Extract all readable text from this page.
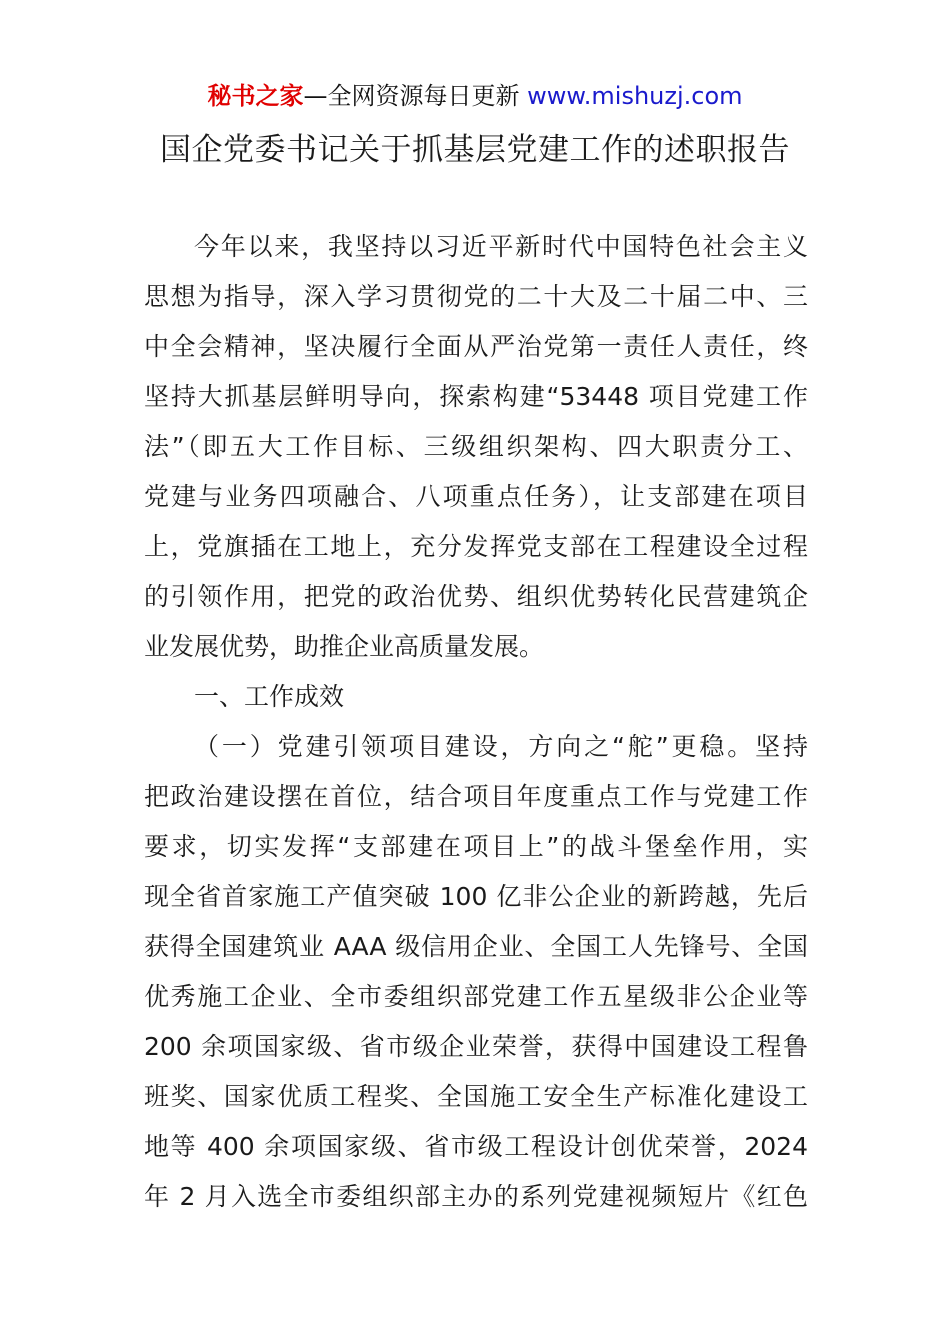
秘书之家—全网资源每日更新 www.mishuzj.com
国企党委书记关于抓基层党建工作的述职报告
今年以来，我坚持以习近平新时代中国特色社会主义
思想为指导，深入学习贯彻党的二十大及二十届二中、三
中全会精神，坚决履行全面从严治党第一责任人责任，终
坚持大抓基层鲜明导向，探索构建“53448 项目党建工作
法”（即五大工作目标、三级组织架构、四大职责分工、
党建与业务四项融合、八项重点任务），让支部建在项目
上，党旗插在工地上，充分发挥党支部在工程建设全过程
的引领作用，把党的政治优势、组织优势转化民营建筑企
业发展优势，助推企业高质量发展。
一、工作成效
（一）党建引领项目建设，方向之“舵”更稳。坚持
把政治建设摆在首位，结合项目年度重点工作与党建工作
要求，切实发挥“支部建在项目上”的战斗堡垒作用，实
现全省首家施工产值突破 100 亿非公企业的新跨越，先后
获得全国建筑业 AAA 级信用企业、全国工人先锋号、全国
优秀施工企业、全市委组织部党建工作五星级非公企业等
200 余项国家级、省市级企业荣誉，获得中国建设工程鲁
班奖、国家优质工程奖、全国施工安全生产标准化建设工
地等 400 余项国家级、省市级工程设计创优荣誉，2024
年 2 月入选全市委组织部主办的系列党建视频短片《红色
